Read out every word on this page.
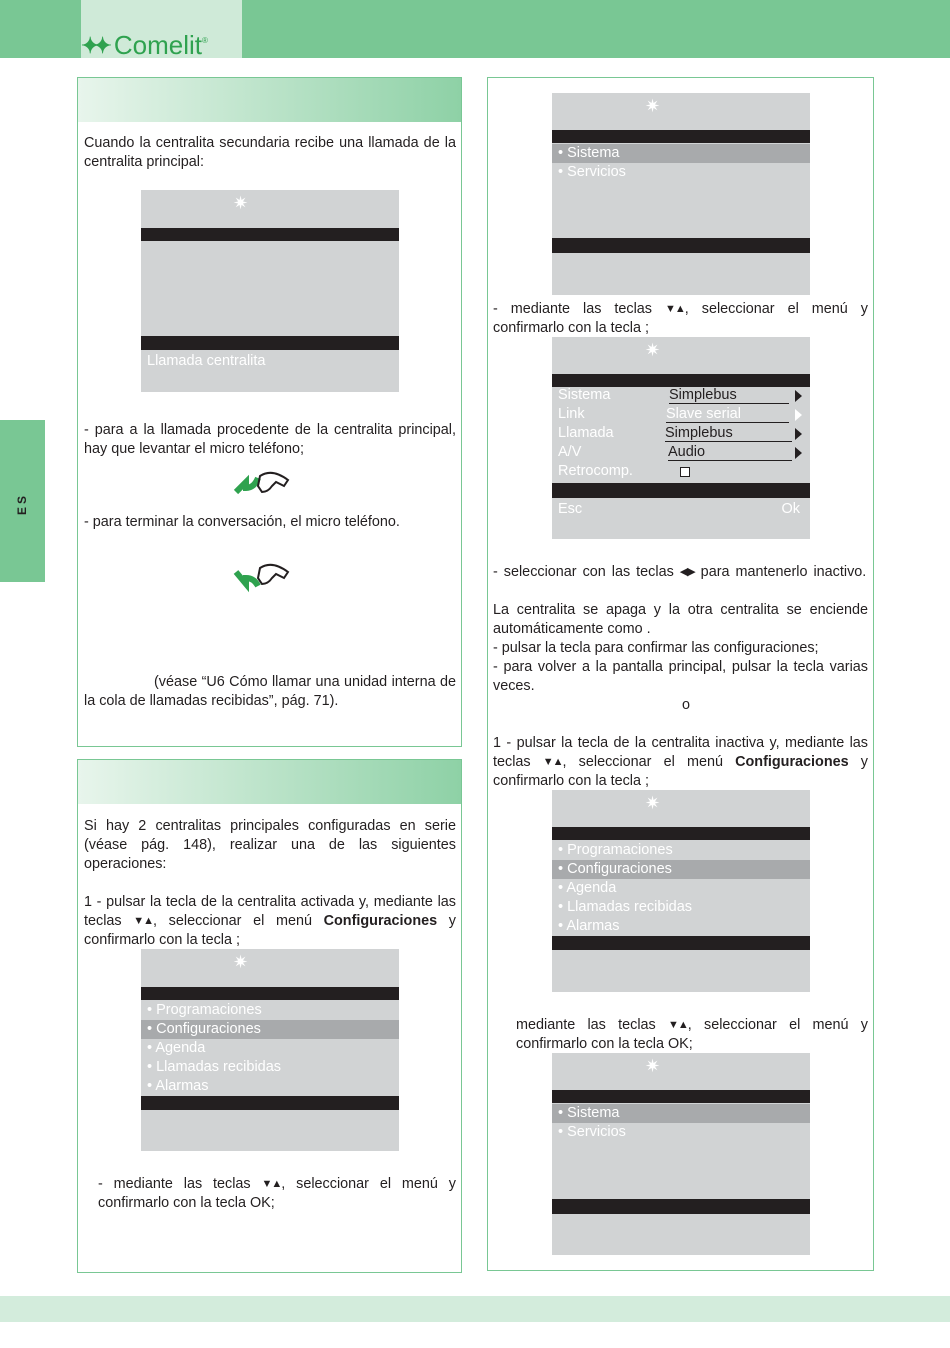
✦✦ Comelit ®
ES
Cuando la centralita secundaria recibe una llamada de la centralita principal:
✷
Llamada centralita
- para a la llamada procedente de la centralita principal, hay que levantar el micro teléfono;
- para terminar la conversación, el micro teléfono.
(véase “U6 Cómo llamar una unidad interna de la cola de llamadas recibidas”, pág. 71).
Si hay 2 centralitas principales configuradas en serie (véase pág. 148), realizar una de las siguientes operaciones:
1 - pulsar la tecla de la centralita activada y, mediante las teclas ▼▲, seleccionar el menú Configuraciones y confirmarlo con la tecla ;
✷
• Programaciones
• Configuraciones
• Agenda
• Llamadas recibidas
• Alarmas
- mediante las teclas ▼▲, seleccionar el menú y confirmarlo con la tecla OK;
✷
• Sistema
• Servicios
- mediante las teclas ▼▲, seleccionar el menú y confirmarlo con la tecla ;
✷
Sistema	Simplebus
Link	Slave serial
Llamada	Simplebus
A/V	Audio
Retrocomp.
Esc	Ok
- seleccionar con las teclas ◀▶ para mantenerlo inactivo.
La centralita se apaga y la otra centralita se enciende automáticamente como .
- pulsar la tecla para confirmar las configuraciones;
- para volver a la pantalla principal, pulsar la tecla varias veces.
o
1 - pulsar la tecla de la centralita inactiva y, mediante las teclas ▼▲, seleccionar el menú Configuraciones y confirmarlo con la tecla ;
✷
• Programaciones
• Configuraciones
• Agenda
• Llamadas recibidas
• Alarmas
mediante las teclas ▼▲, seleccionar el menú y confirmarlo con la tecla OK;
✷
• Sistema
• Servicios
